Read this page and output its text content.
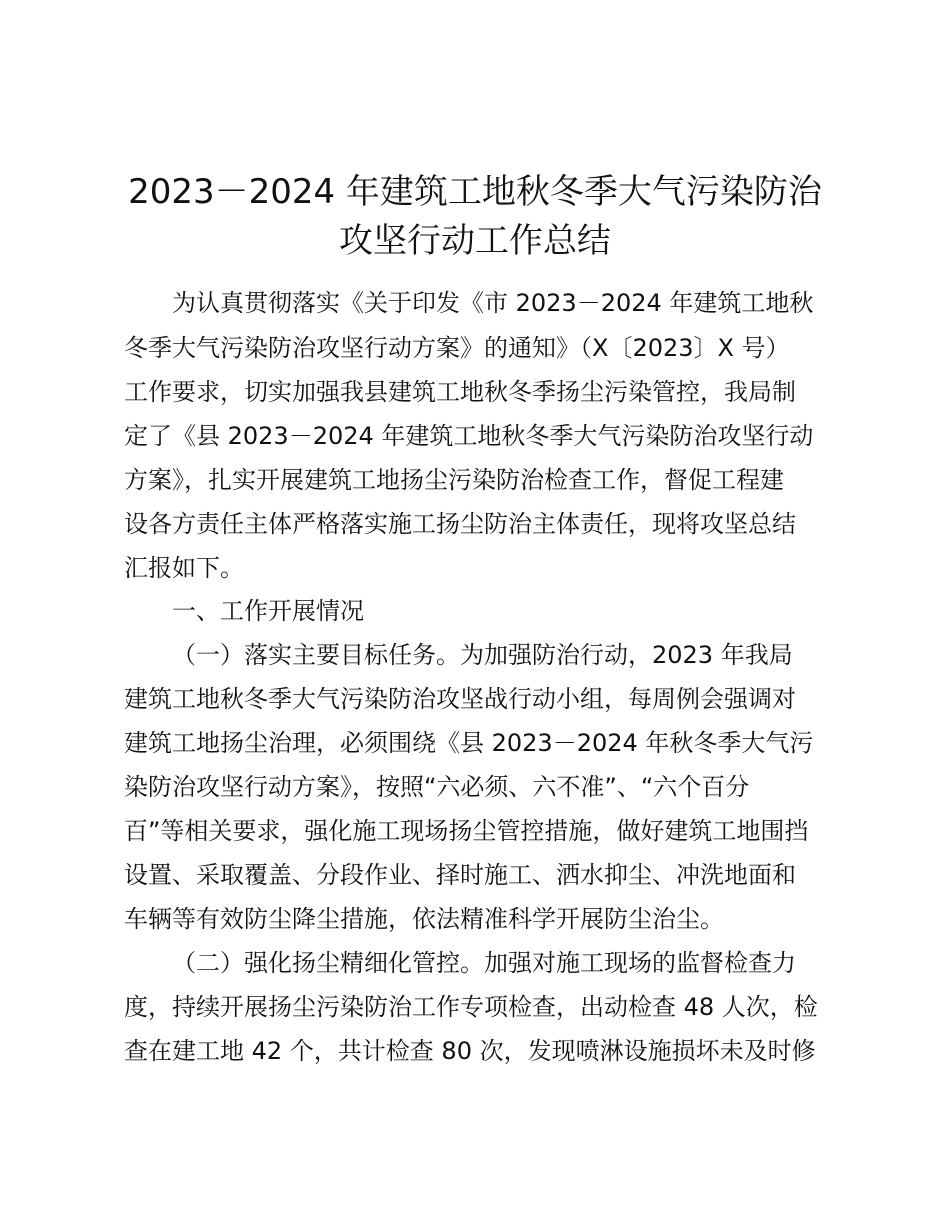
2023－2024 年建筑工地秋冬季大气污染防治
攻坚行动工作总结
为认真贯彻落实《关于印发《市 2023－2024 年建筑工地秋
冬季大气污染防治攻坚行动方案》的通知》（X〔2023〕X 号）
工作要求，切实加强我县建筑工地秋冬季扬尘污染管控，我局制
定了《县 2023－2024 年建筑工地秋冬季大气污染防治攻坚行动
方案》，扎实开展建筑工地扬尘污染防治检查工作，督促工程建
设各方责任主体严格落实施工扬尘防治主体责任，现将攻坚总结
汇报如下。
一、工作开展情况
（一）落实主要目标任务。为加强防治行动，2023 年我局
建筑工地秋冬季大气污染防治攻坚战行动小组，每周例会强调对
建筑工地扬尘治理，必须围绕《县 2023－2024 年秋冬季大气污
染防治攻坚行动方案》，按照“六必须、六不准”、“六个百分
百”等相关要求，强化施工现场扬尘管控措施，做好建筑工地围挡
设置、采取覆盖、分段作业、择时施工、洒水抑尘、冲洗地面和
车辆等有效防尘降尘措施，依法精准科学开展防尘治尘。
（二）强化扬尘精细化管控。加强对施工现场的监督检查力
度，持续开展扬尘污染防治工作专项检查，出动检查 48 人次，检
查在建工地 42 个，共计检查 80 次，发现喷淋设施损坏未及时修
